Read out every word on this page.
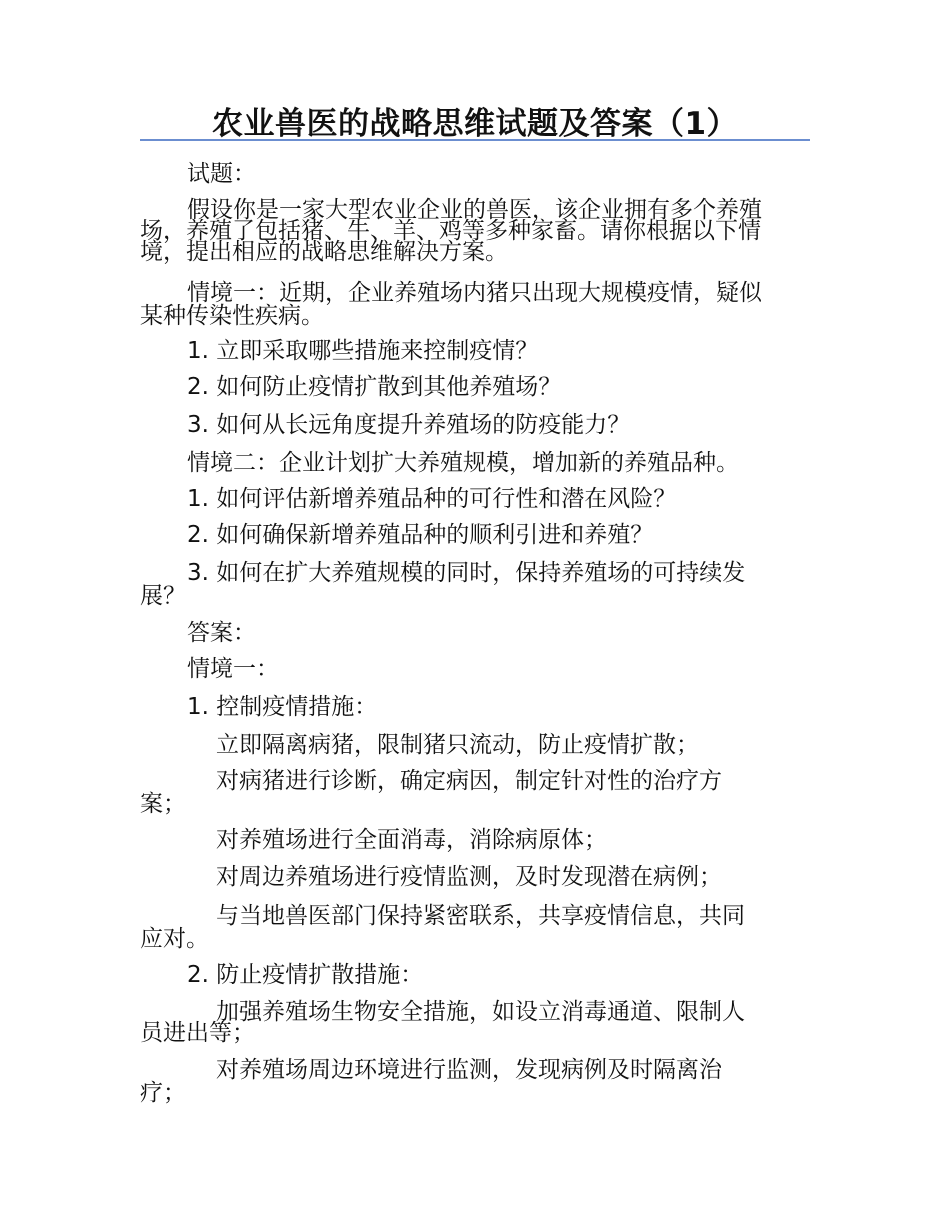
农业兽医的战略思维试题及答案（1）
试题：
假设你是一家大型农业企业的兽医，该企业拥有多个养殖
场，养殖了包括猪、牛、羊、鸡等多种家畜。请你根据以下情
境，提出相应的战略思维解决方案。
情境一：近期，企业养殖场内猪只出现大规模疫情，疑似
某种传染性疾病。
1. 立即采取哪些措施来控制疫情？
2. 如何防止疫情扩散到其他养殖场？
3. 如何从长远角度提升养殖场的防疫能力？
情境二：企业计划扩大养殖规模，增加新的养殖品种。
1. 如何评估新增养殖品种的可行性和潜在风险？
2. 如何确保新增养殖品种的顺利引进和养殖？
3. 如何在扩大养殖规模的同时，保持养殖场的可持续发
展？
答案：
情境一：
1. 控制疫情措施：
立即隔离病猪，限制猪只流动，防止疫情扩散；
对病猪进行诊断，确定病因，制定针对性的治疗方
案；
对养殖场进行全面消毒，消除病原体；
对周边养殖场进行疫情监测，及时发现潜在病例；
与当地兽医部门保持紧密联系，共享疫情信息，共同
应对。
2. 防止疫情扩散措施：
加强养殖场生物安全措施，如设立消毒通道、限制人
员进出等；
对养殖场周边环境进行监测，发现病例及时隔离治
疗；
